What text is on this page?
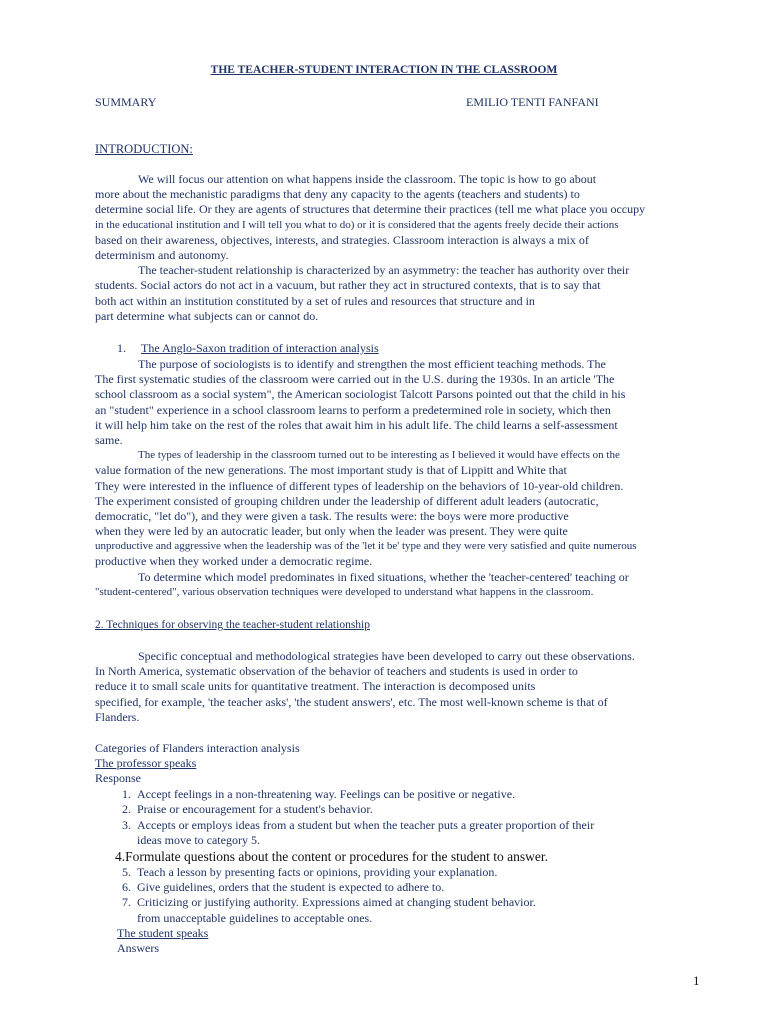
THE TEACHER-STUDENT INTERACTION IN THE CLASSROOM
SUMMARY	EMILIO TENTI FANFANI
INTRODUCTION:
We will focus our attention on what happens inside the classroom. The topic is how to go about
more about the mechanistic paradigms that deny any capacity to the agents (teachers and students) to
determine social life. Or they are agents of structures that determine their practices (tell me what place you occupy
in the educational institution and I will tell you what to do) or it is considered that the agents freely decide their actions
based on their awareness, objectives, interests, and strategies. Classroom interaction is always a mix of
determinism and autonomy.
The teacher-student relationship is characterized by an asymmetry: the teacher has authority over their
students. Social actors do not act in a vacuum, but rather they act in structured contexts, that is to say that
both act within an institution constituted by a set of rules and resources that structure and in
part determine what subjects can or cannot do.
1. The Anglo-Saxon tradition of interaction analysis
The purpose of sociologists is to identify and strengthen the most efficient teaching methods. The
The first systematic studies of the classroom were carried out in the U.S. during the 1930s. In an article 'The
school classroom as a social system", the American sociologist Talcott Parsons pointed out that the child in his
an "student" experience in a school classroom learns to perform a predetermined role in society, which then
it will help him take on the rest of the roles that await him in his adult life. The child learns a self-assessment
same.
The types of leadership in the classroom turned out to be interesting as I believed it would have effects on the
value formation of the new generations. The most important study is that of Lippitt and White that
They were interested in the influence of different types of leadership on the behaviors of 10-year-old children.
The experiment consisted of grouping children under the leadership of different adult leaders (autocratic,
democratic, "let do"), and they were given a task. The results were: the boys were more productive
when they were led by an autocratic leader, but only when the leader was present. They were quite
unproductive and aggressive when the leadership was of the 'let it be' type and they were very satisfied and quite numerous
productive when they worked under a democratic regime.
To determine which model predominates in fixed situations, whether the 'teacher-centered' teaching or
"student-centered", various observation techniques were developed to understand what happens in the classroom.
2. Techniques for observing the teacher-student relationship
Specific conceptual and methodological strategies have been developed to carry out these observations.
In North America, systematic observation of the behavior of teachers and students is used in order to
reduce it to small scale units for quantitative treatment. The interaction is decomposed units
specified, for example, 'the teacher asks', 'the student answers', etc. The most well-known scheme is that of
Flanders.
Categories of Flanders interaction analysis
The professor speaks
Response
1. Accept feelings in a non-threatening way. Feelings can be positive or negative.
2. Praise or encouragement for a student's behavior.
3. Accepts or employs ideas from a student but when the teacher puts a greater proportion of their
ideas move to category 5.
4.Formulate questions about the content or procedures for the student to answer.
5. Teach a lesson by presenting facts or opinions, providing your explanation.
6. Give guidelines, orders that the student is expected to adhere to.
7. Criticizing or justifying authority. Expressions aimed at changing student behavior.
from unacceptable guidelines to acceptable ones.
The student speaks
Answers
1
